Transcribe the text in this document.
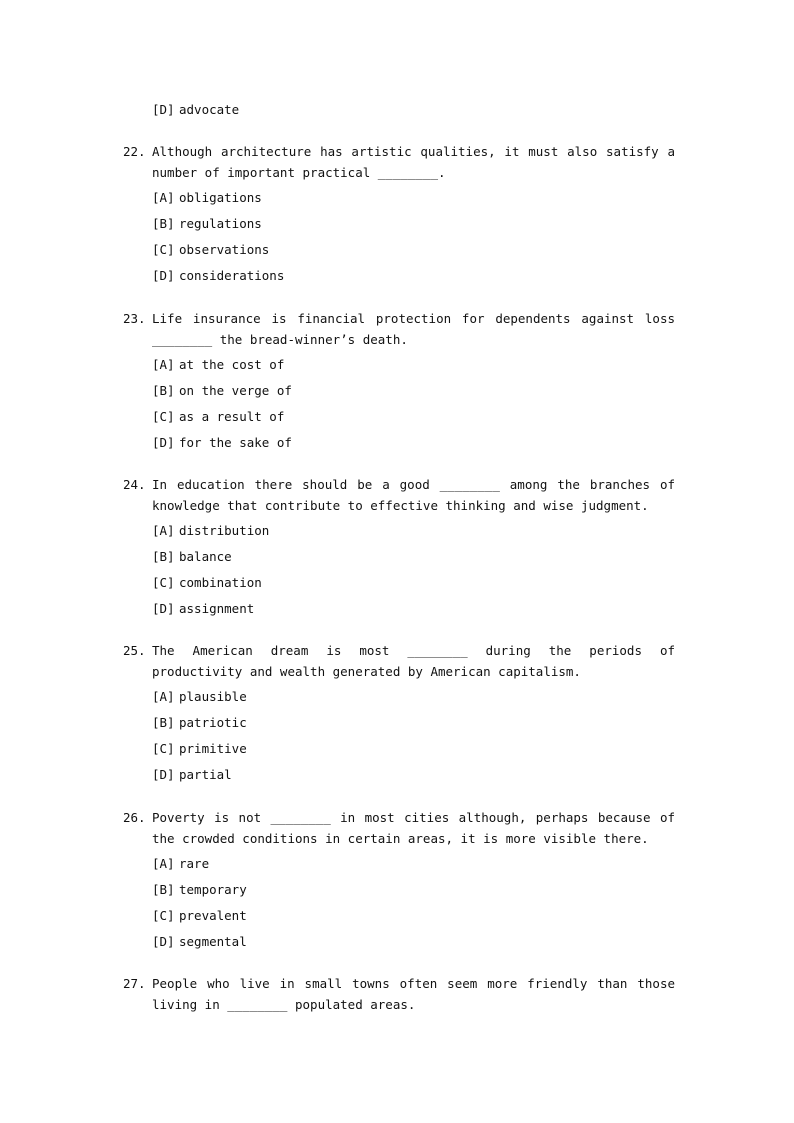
[D] advocate
22. Although architecture has artistic qualities, it must also satisfy a number of important practical ________.
[A] obligations
[B] regulations
[C] observations
[D] considerations
23. Life insurance is financial protection for dependents against loss ________ the bread-winner’s death.
[A] at the cost of
[B] on the verge of
[C] as a result of
[D] for the sake of
24. In education there should be a good ________ among the branches of knowledge that contribute to effective thinking and wise judgment.
[A] distribution
[B] balance
[C] combination
[D] assignment
25. The American dream is most ________ during the periods of productivity and wealth generated by American capitalism.
[A] plausible
[B] patriotic
[C] primitive
[D] partial
26. Poverty is not ________ in most cities although, perhaps because of the crowded conditions in certain areas, it is more visible there.
[A] rare
[B] temporary
[C] prevalent
[D] segmental
27. People who live in small towns often seem more friendly than those living in ________ populated areas.
